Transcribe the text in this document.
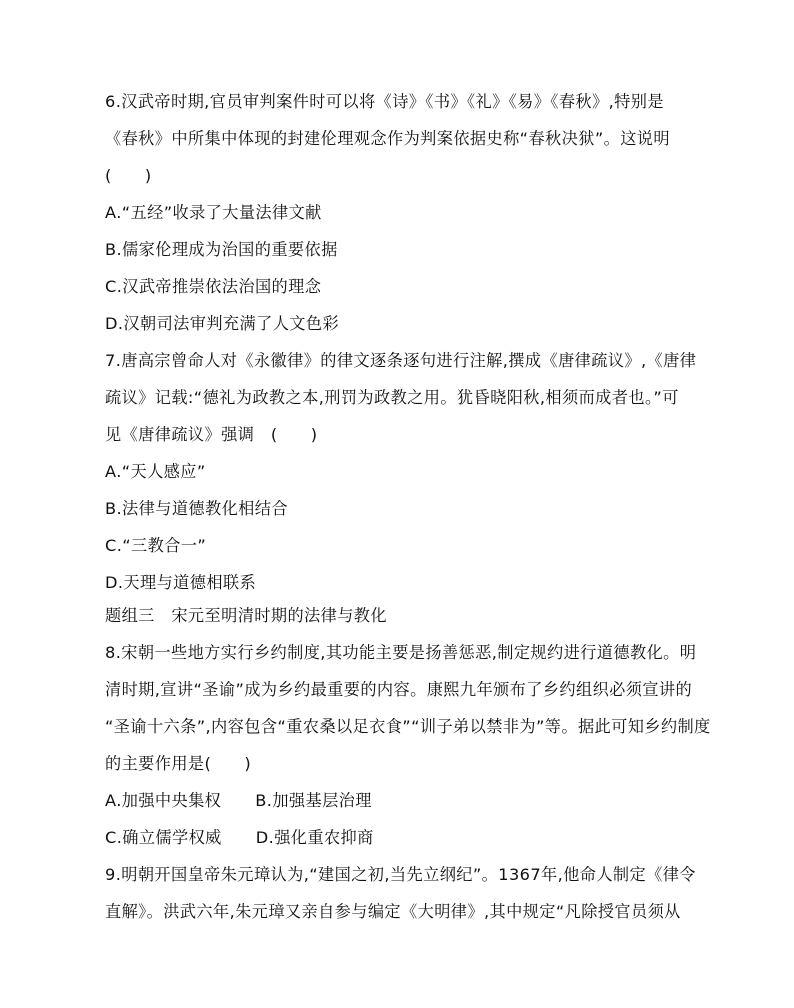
6.汉武帝时期,官员审判案件时可以将《诗》《书》《礼》《易》《春秋》,特别是
《春秋》中所集中体现的封建伦理观念作为判案依据史称“春秋决狱”。这说明
(　　)
A.“五经”收录了大量法律文献
B.儒家伦理成为治国的重要依据
C.汉武帝推崇依法治国的理念
D.汉朝司法审判充满了人文色彩
7.唐高宗曾命人对《永徽律》的律文逐条逐句进行注解,撰成《唐律疏议》,《唐律
疏议》记载:“德礼为政教之本,刑罚为政教之用。犹昏晓阳秋,相须而成者也。”可
见《唐律疏议》强调　(　　)
A.“天人感应”
B.法律与道德教化相结合
C.“三教合一”
D.天理与道德相联系
题组三　宋元至明清时期的法律与教化
8.宋朝一些地方实行乡约制度,其功能主要是扬善惩恶,制定规约进行道德教化。明
清时期,宣讲“圣谕”成为乡约最重要的内容。康熙九年颁布了乡约组织必须宣讲的
“圣谕十六条”,内容包含“重农桑以足衣食”“训子弟以禁非为”等。据此可知乡约制度
的主要作用是(　　)
A.加强中央集权 B.加强基层治理
C.确立儒学权威 D.强化重农抑商
9.明朝开国皇帝朱元璋认为,“建国之初,当先立纲纪”。1367年,他命人制定《律令
直解》。洪武六年,朱元璋又亲自参与编定《大明律》,其中规定“凡除授官员须从
